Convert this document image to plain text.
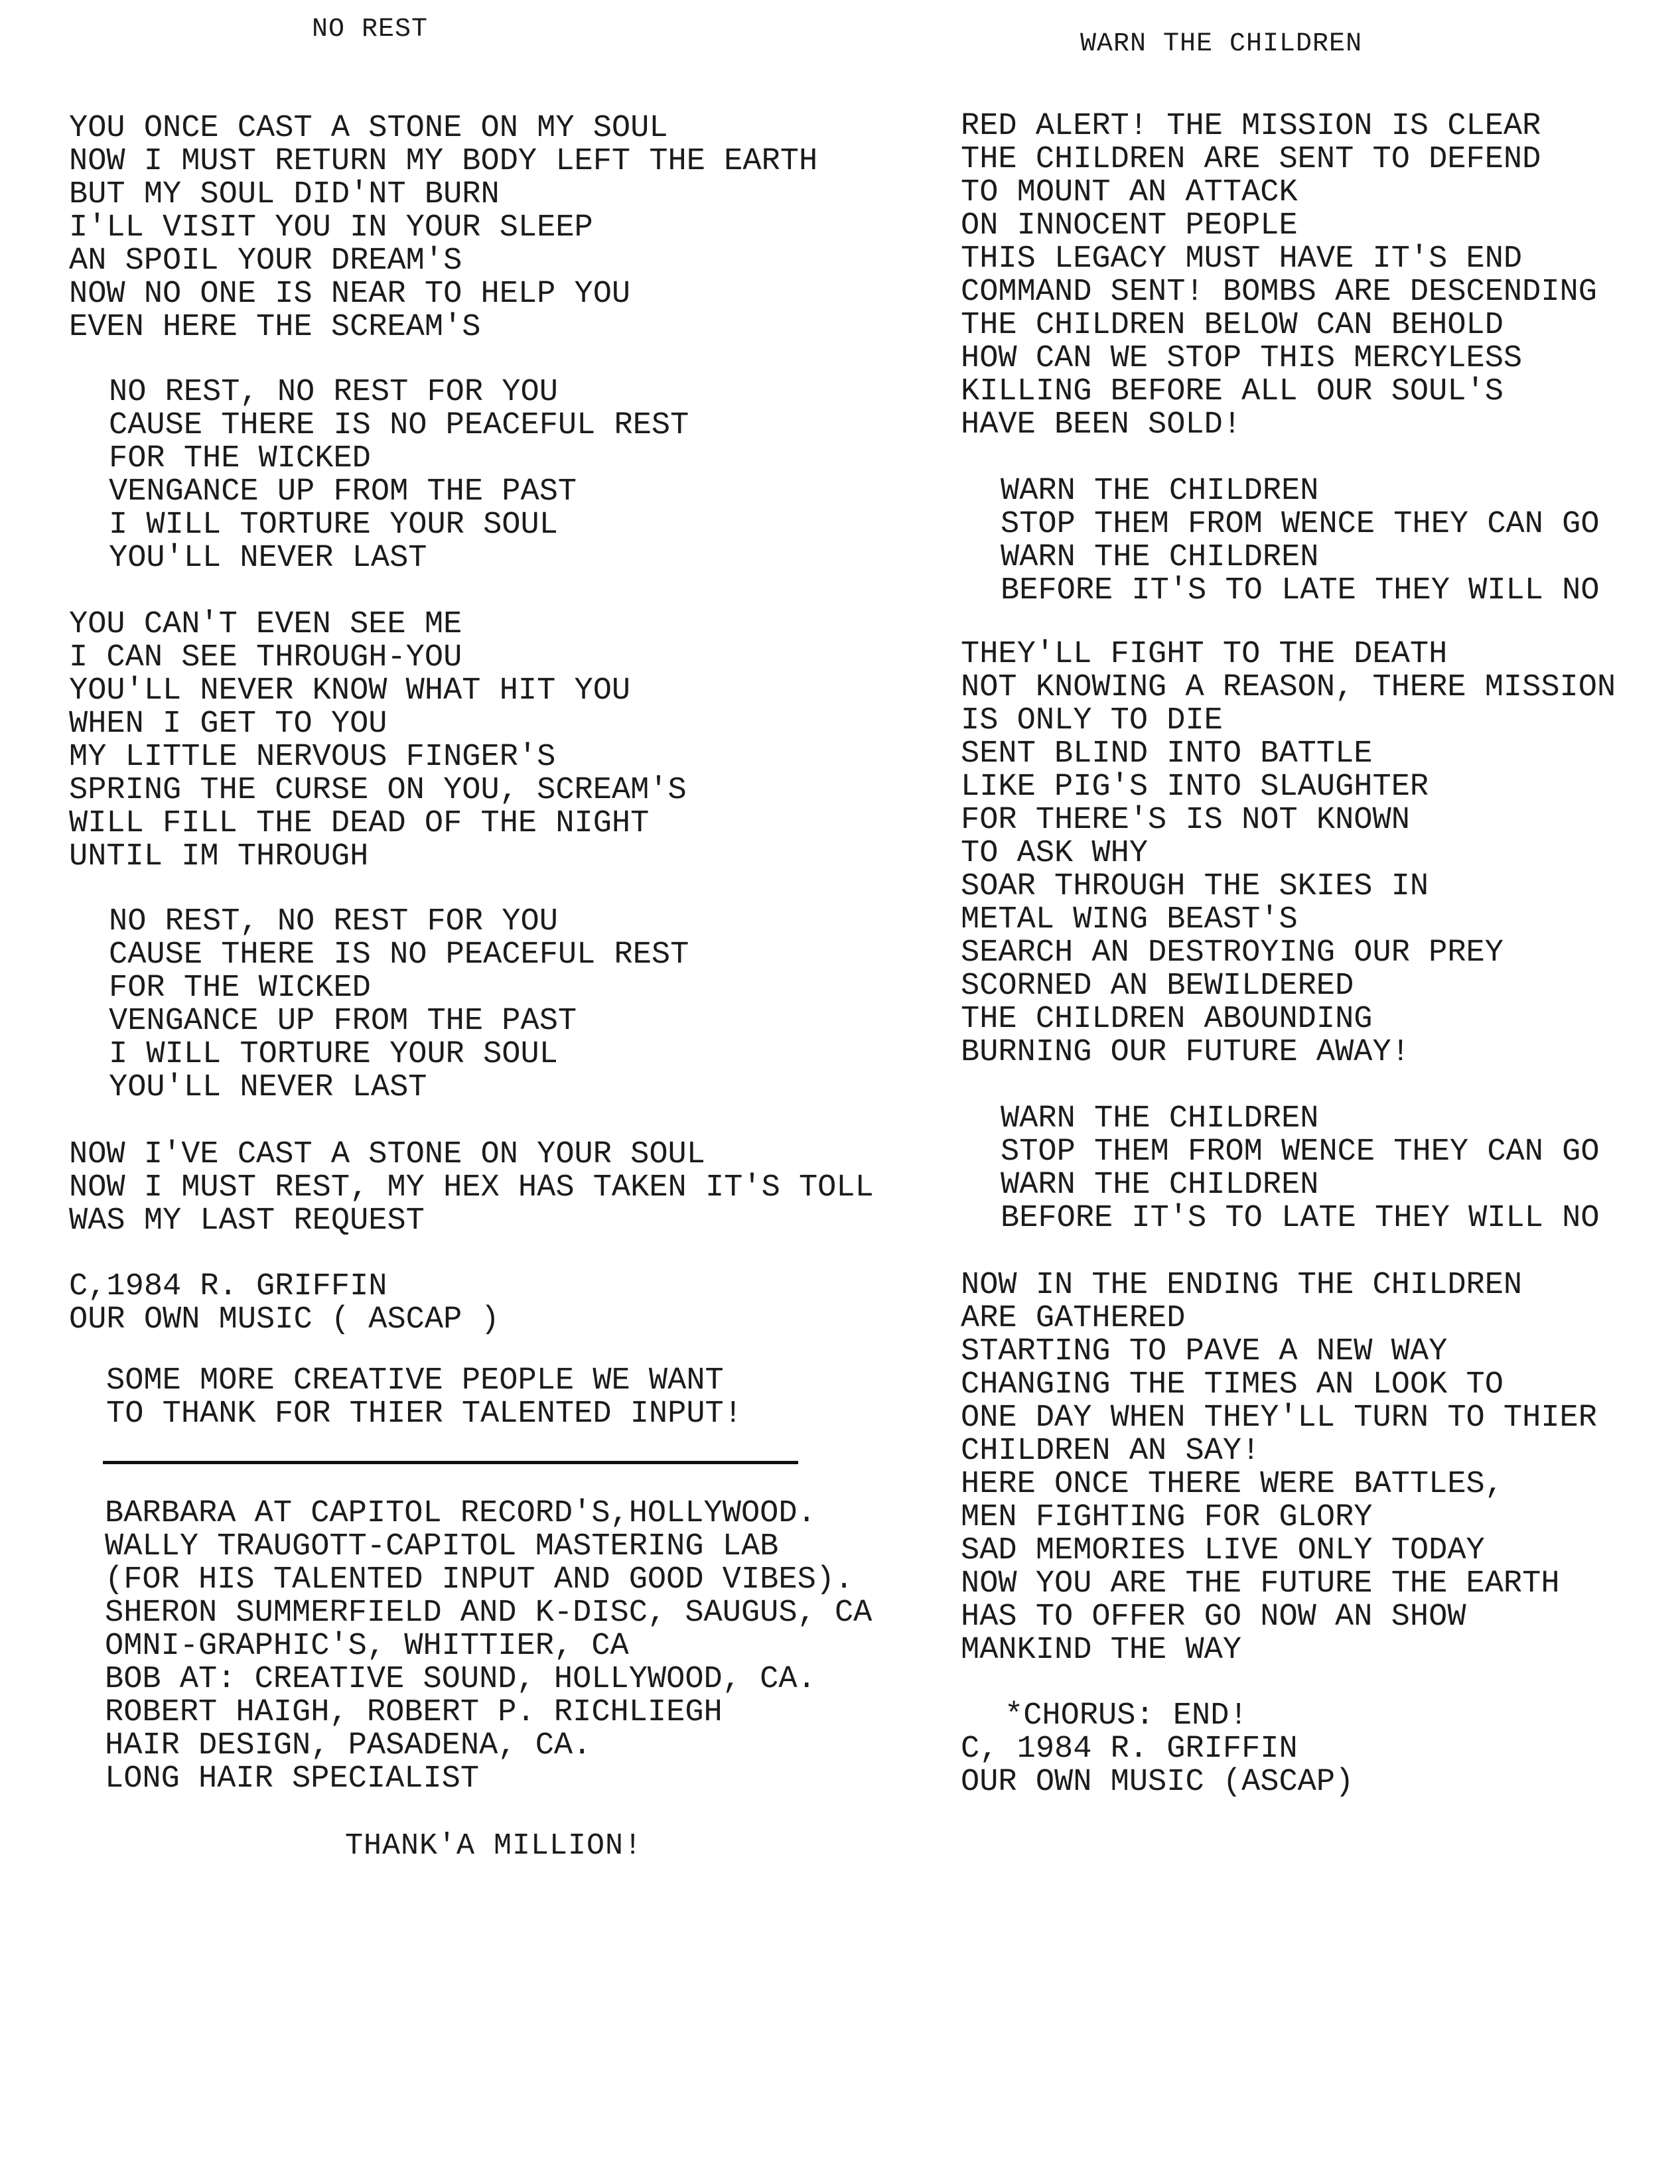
NO REST
YOU ONCE CAST A STONE ON MY SOUL
NOW I MUST RETURN MY BODY LEFT THE EARTH
BUT MY SOUL DID'NT BURN
I'LL VISIT YOU IN YOUR SLEEP
AN SPOIL YOUR DREAM'S
NOW NO ONE IS NEAR TO HELP YOU
EVEN HERE THE SCREAM'S
NO REST, NO REST FOR YOU
CAUSE THERE IS NO PEACEFUL REST
FOR THE WICKED
VENGANCE UP FROM THE PAST
I WILL TORTURE YOUR SOUL
YOU'LL NEVER LAST
YOU CAN'T EVEN SEE ME
I CAN SEE THROUGH-YOU
YOU'LL NEVER KNOW WHAT HIT YOU
WHEN I GET TO YOU
MY LITTLE NERVOUS FINGER'S
SPRING THE CURSE ON YOU, SCREAM'S
WILL FILL THE DEAD OF THE NIGHT
UNTIL IM THROUGH
NO REST, NO REST FOR YOU
CAUSE THERE IS NO PEACEFUL REST
FOR THE WICKED
VENGANCE UP FROM THE PAST
I WILL TORTURE YOUR SOUL
YOU'LL NEVER LAST
NOW I'VE CAST A STONE ON YOUR SOUL
NOW I MUST REST, MY HEX HAS TAKEN IT'S TOLL
WAS MY LAST REQUEST
C,1984 R. GRIFFIN
OUR OWN MUSIC ( ASCAP )
SOME MORE CREATIVE PEOPLE WE WANT
TO THANK FOR THIER TALENTED INPUT!
BARBARA AT CAPITOL RECORD'S,HOLLYWOOD.
WALLY TRAUGOTT-CAPITOL MASTERING LAB
(FOR HIS TALENTED INPUT AND GOOD VIBES).
SHERON SUMMERFIELD AND K-DISC, SAUGUS, CA
OMNI-GRAPHIC'S, WHITTIER, CA
BOB AT: CREATIVE SOUND, HOLLYWOOD, CA.
ROBERT HAIGH, ROBERT P. RICHLIEGH
HAIR DESIGN, PASADENA, CA.
LONG HAIR SPECIALIST
THANK'A MILLION!
WARN THE CHILDREN
RED ALERT! THE MISSION IS CLEAR
THE CHILDREN ARE SENT TO DEFEND
TO MOUNT AN ATTACK
ON INNOCENT PEOPLE
THIS LEGACY MUST HAVE IT'S END
COMMAND SENT! BOMBS ARE DESCENDING
THE CHILDREN BELOW CAN BEHOLD
HOW CAN WE STOP THIS MERCYLESS
KILLING BEFORE ALL OUR SOUL'S
HAVE BEEN SOLD!
WARN THE CHILDREN
STOP THEM FROM WENCE THEY CAN GO
WARN THE CHILDREN
BEFORE IT'S TO LATE THEY WILL NO
THEY'LL FIGHT TO THE DEATH
NOT KNOWING A REASON, THERE MISSION
IS ONLY TO DIE
SENT BLIND INTO BATTLE
LIKE PIG'S INTO SLAUGHTER
FOR THERE'S IS NOT KNOWN
TO ASK WHY
SOAR THROUGH THE SKIES IN
METAL WING BEAST'S
SEARCH AN DESTROYING OUR PREY
SCORNED AN BEWILDERED
THE CHILDREN ABOUNDING
BURNING OUR FUTURE AWAY!
WARN THE CHILDREN
STOP THEM FROM WENCE THEY CAN GO
WARN THE CHILDREN
BEFORE IT'S TO LATE THEY WILL NO
NOW IN THE ENDING THE CHILDREN
ARE GATHERED
STARTING TO PAVE A NEW WAY
CHANGING THE TIMES AN LOOK TO
ONE DAY WHEN THEY'LL TURN TO THIER
CHILDREN AN SAY!
HERE ONCE THERE WERE BATTLES,
MEN FIGHTING FOR GLORY
SAD MEMORIES LIVE ONLY TODAY
NOW YOU ARE THE FUTURE THE EARTH
HAS TO OFFER GO NOW AN SHOW
MANKIND THE WAY
*CHORUS: END!
C, 1984 R. GRIFFIN
OUR OWN MUSIC (ASCAP)
